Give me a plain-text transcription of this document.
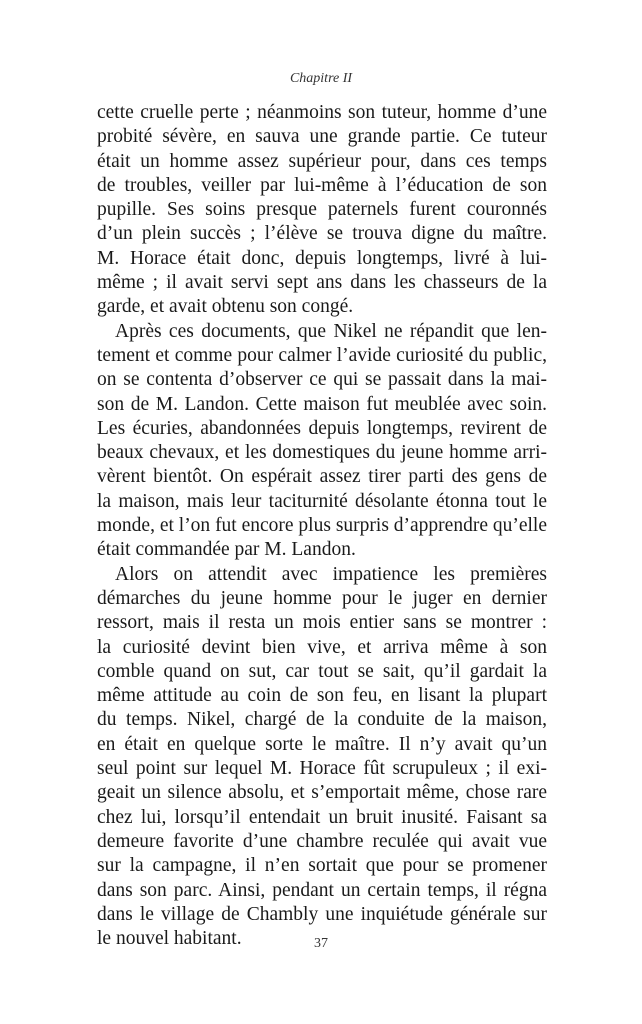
Chapitre II
cette cruelle perte ; néanmoins son tuteur, homme d’une
probité sévère, en sauva une grande partie. Ce tuteur
était un homme assez supérieur pour, dans ces temps
de troubles, veiller par lui-même à l’éducation de son
pupille. Ses soins presque paternels furent couronnés
d’un plein succès ; l’élève se trouva digne du maître.
M. Horace était donc, depuis longtemps, livré à lui-
même ; il avait servi sept ans dans les chasseurs de la
garde, et avait obtenu son congé.
Après ces documents, que Nikel ne répandit que len-
tement et comme pour calmer l’avide curiosité du public,
on se contenta d’observer ce qui se passait dans la mai-
son de M. Landon. Cette maison fut meublée avec soin.
Les écuries, abandonnées depuis longtemps, revirent de
beaux chevaux, et les domestiques du jeune homme arri-
vèrent bientôt. On espérait assez tirer parti des gens de
la maison, mais leur taciturnité désolante étonna tout le
monde, et l’on fut encore plus surpris d’apprendre qu’elle
était commandée par M. Landon.
Alors on attendit avec impatience les premières
démarches du jeune homme pour le juger en dernier
ressort, mais il resta un mois entier sans se montrer :
la curiosité devint bien vive, et arriva même à son
comble quand on sut, car tout se sait, qu’il gardait la
même attitude au coin de son feu, en lisant la plupart
du temps. Nikel, chargé de la conduite de la maison,
en était en quelque sorte le maître. Il n’y avait qu’un
seul point sur lequel M. Horace fût scrupuleux ; il exi-
geait un silence absolu, et s’emportait même, chose rare
chez lui, lorsqu’il entendait un bruit inusité. Faisant sa
demeure favorite d’une chambre reculée qui avait vue
sur la campagne, il n’en sortait que pour se promener
dans son parc. Ainsi, pendant un certain temps, il régna
dans le village de Chambly une inquiétude générale sur
le nouvel habitant.	37
